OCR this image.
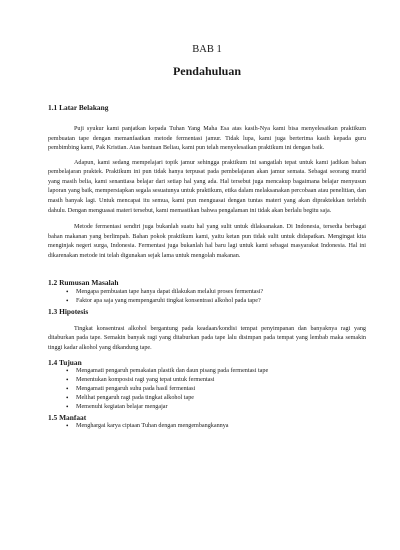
BAB 1

Pendahuluan

1.1 Latar Belakang

Puji syukur kami panjatkan kepada Tuhan Yang Maha Esa atas kasih-Nya kami bisa menyelesaikan praktikum pembuatan tape dengan memanfaatkan metode fermentasi jamur. Tidak lupa, kami juga berterima kasih kepada guru pembimbing kami, Pak Kristian. Atas bantuan Beliau, kami pun telah menyelesaikan praktikum ini dengan baik.

Adapun, kami sedang mempelajari topik jamur sehingga praktikum ini sangatlah tepat untuk kami jadikan bahan pembelajaran praktek. Praktikum ini pun tidak hanya terpusat pada pembelajaran akan jamur semata. Sebagai seorang murid yang masih belia, kami senantiasa belajar dari setiap hal yang ada. Hal tersebut juga mencakup bagaimana belajar menyusun laporan yang baik, mempersiapkan segala sesuatunya untuk praktikum, etika dalam melaksanakan percobaan atau penelitian, dan masih banyak lagi. Untuk mencapai itu semua, kami pun menguasai dengan tuntas materi yang akan dipraktekkan terlebih dahulu. Dengan menguasai materi tersebut, kami memastikan bahwa pengalaman ini tidak akan berlalu begitu saja.

Metode fermentasi sendiri juga bukanlah suatu hal yang sulit untuk dilaksanakan. Di Indonesia, tersedia berbagai bahan makanan yang berlimpah. Bahan pokok praktikum kami, yaitu ketan pun tidak sulit untuk didapatkan. Mengingat kita menginjak negeri surga, Indonesia. Fermentasi juga bukanlah hal baru lagi untuk kami sebagai masyarakat Indonesia. Hal ini dikarenakan metode ini telah digunakan sejak lama untuk mengolah makanan.

1.2 Rumusan Masalah
• Mengapa pembuatan tape hanya dapat dilakukan melalui proses fermentasi?
• Faktor apa saja yang mempengaruhi tingkat konsentrasi alkohol pada tape?
1.3 Hipotesis

Tingkat konsentrasi alkohol bergantung pada keadaan/kondisi tempat penyimpanan dan banyaknya ragi yang ditaburkan pada tape. Semakin banyak ragi yang ditaburkan pada tape lalu disimpan pada tempat yang lembab maka semakin tinggi kadar alkohol yang dikandung tape.

1.4 Tujuan
• Mengamati pengaruh pemakaian plastik dan daun pisang pada fermentasi tape
• Menentukan komposisi ragi yang tepat untuk fermentasi
• Mengamati pengaruh suhu pada hasil fermentasi
• Melihat pengaruh ragi pada tingkat alkohol tape
• Memenuhi kegiatan belajar mengajar
1.5 Manfaat
• Menghargai karya ciptaan Tuhan dengan mengembangkannya
